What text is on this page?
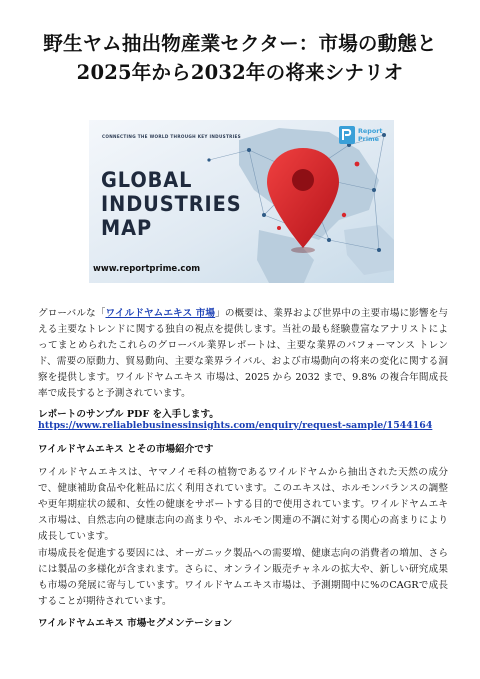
野生ヤム抽出物産業セクター：市場の動態と
2025年から2032年の将来シナリオ
CONNECTING THE WORLD THROUGH KEY INDUSTRIES
GLOBAL
INDUSTRIES
MAP
www.reportprime.com
Report
Prime
グローバルな「ワイルドヤムエキス 市場」の概要は、業界および世界中の主要市場に影響を与える主要なトレンドに関する独自の視点を提供します。当社の最も経験豊富なアナリストによってまとめられたこれらのグローバル業界レポートは、主要な業界のパフォーマンス トレンド、需要の原動力、貿易動向、主要な業界ライバル、および市場動向の将来の変化に関する洞察を提供します。ワイルドヤムエキス 市場は、2025 から 2032 まで、9.8% の複合年間成長率で成長すると予測されています。
レポートのサンプル PDF を入手します。
https://www.reliablebusinessinsights.com/enquiry/request-sample/1544164
ワイルドヤムエキス とその市場紹介です
ワイルドヤムエキスは、ヤマノイモ科の植物であるワイルドヤムから抽出された天然の成分で、健康補助食品や化粧品に広く利用されています。このエキスは、ホルモンバランスの調整や更年期症状の緩和、女性の健康をサポートする目的で使用されています。ワイルドヤムエキス市場は、自然志向の健康志向の高まりや、ホルモン関連の不調に対する関心の高まりにより成長しています。
市場成長を促進する要因には、オーガニック製品への需要増、健康志向の消費者の増加、さらには製品の多様化が含まれます。さらに、オンライン販売チャネルの拡大や、新しい研究成果も市場の発展に寄与しています。ワイルドヤムエキス市場は、予測期間中に%のCAGRで成長することが期待されています。
ワイルドヤムエキス 市場セグメンテーション
